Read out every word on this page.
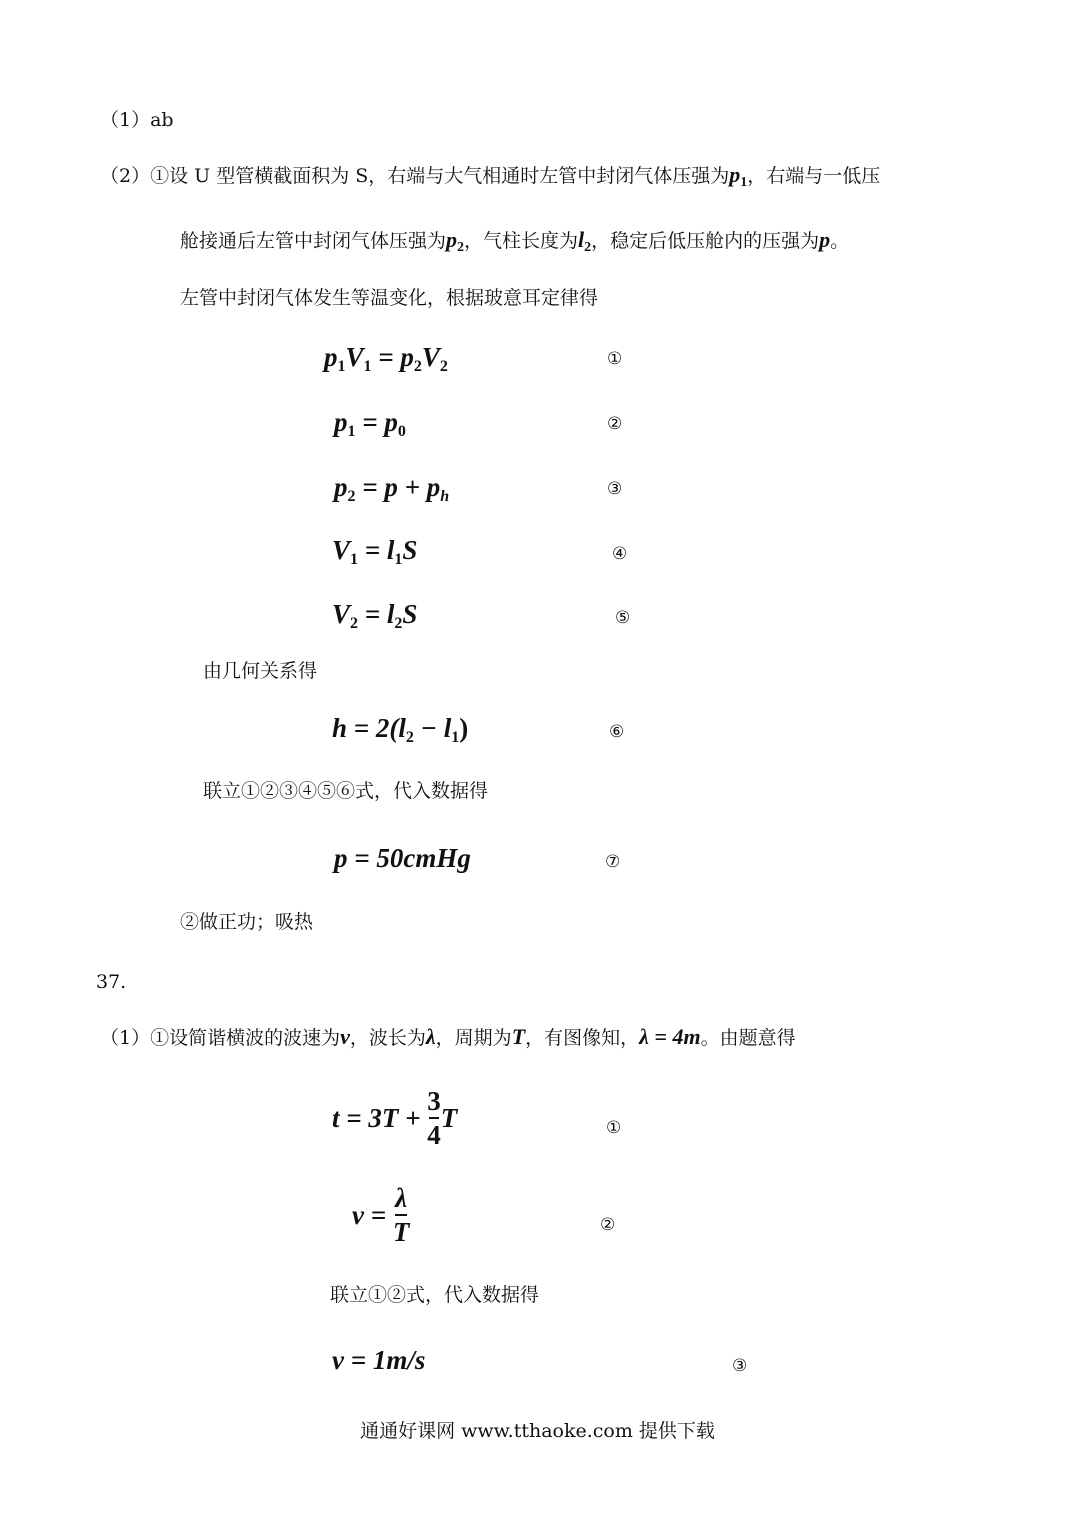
（1）ab
（2）①设 U 型管横截面积为 S，右端与大气相通时左管中封闭气体压强为$p_1$，右端与一低压
舱接通后左管中封闭气体压强为$p_2$，气柱长度为$l_2$，稳定后低压舱内的压强为p。
左管中封闭气体发生等温变化，根据玻意耳定律得
$p_1V_1 = p_2V_2$	①
$p_1 = p_0$	②
$p_2 = p + p_h$	③
$V_1 = l_1S$	④
$V_2 = l_2S$	⑤
由几何关系得
$h = 2(l_2 - l_1)$	⑥
联立①②③④⑤⑥式，代入数据得
p = 50cmHg	⑦
②做正功；吸热
37.
（1）①设简谐横波的波速为v，波长为λ，周期为T，有图像知，λ = 4m。由题意得
$t = 3T + \frac{3}{4}$ T	①
$v = \frac{\lambda}{T}$	②
联立①②式，代入数据得
v = 1m/s	③
通通好课网 www.tthaoke.com 提供下载
